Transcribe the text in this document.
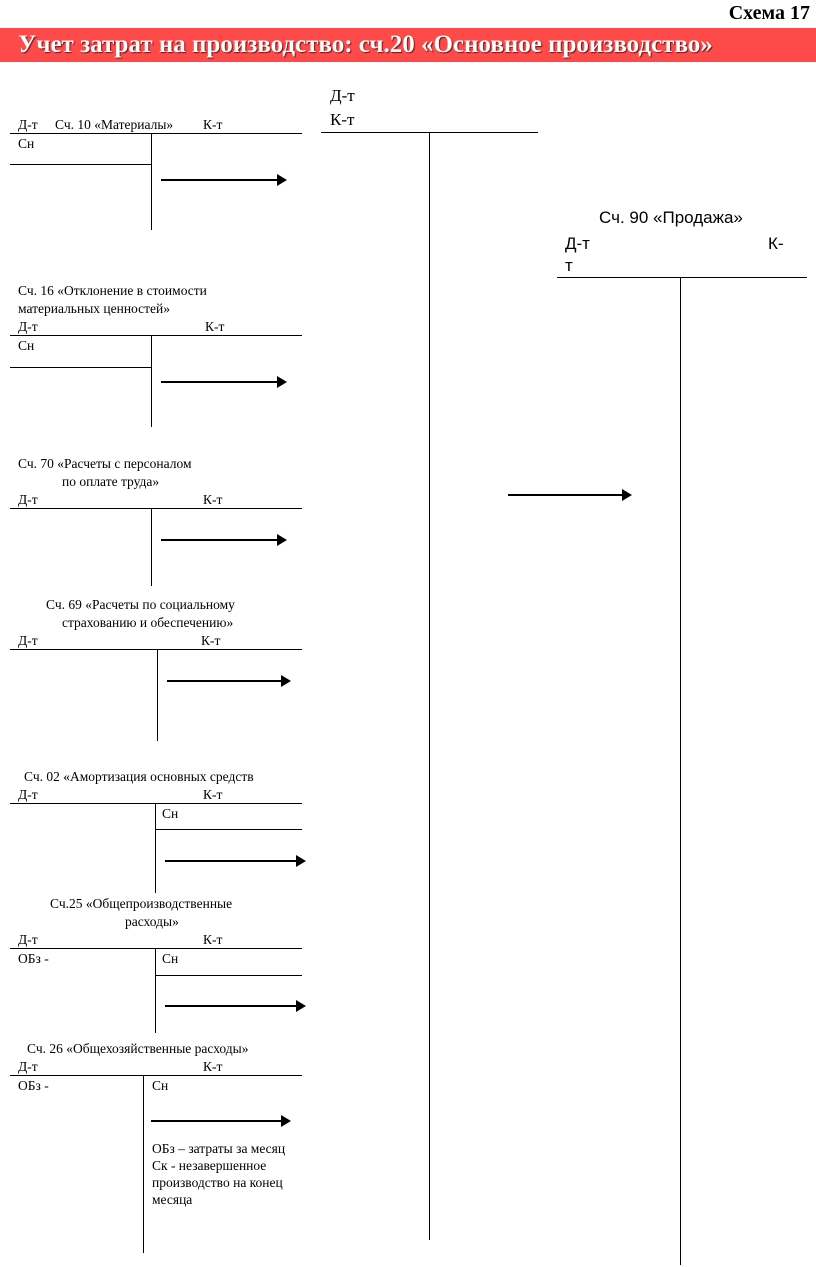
Схема 17
Учет затрат на производство: сч.20 «Основное производство»
Д-т Сч. 10 «Материалы» К-т
Сн
Сч. 16 «Отклонение в стоимости
материальных ценностей»
Д-т	К-т
Сн
Сч. 70 «Расчеты с персоналом
по оплате труда»
Д-т	К-т
Сч. 69 «Расчеты по социальному
страхованию и обеспечению»
Д-т	К-т
Сч. 02 «Амортизация основных средств
Д-т	К-т
Сн
Сч.25 «Общепроизводственные
расходы»
Д-т	К-т
ОБз -	Сн
Сч. 26 «Общехозяйственные расходы»
Д-т	К-т
ОБз -	Сн
ОБз – затраты за месяц
Ск - незавершенное производство на конец месяца
Д-т
К-т
Сч. 90 «Продажа»
Д-т	К-
т
